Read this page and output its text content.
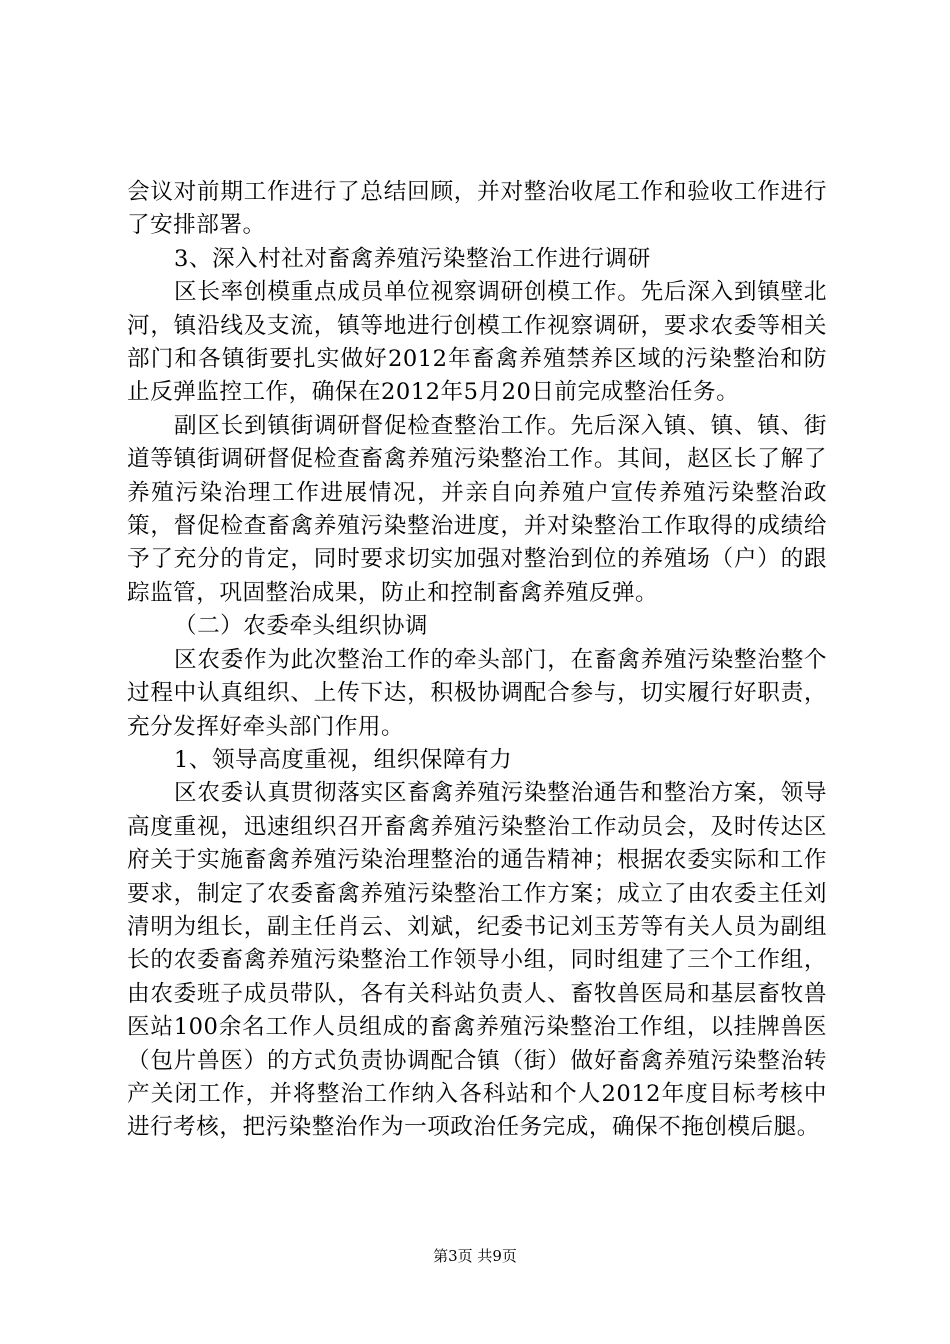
会议对前期工作进行了总结回顾，并对整治收尾工作和验收工作进行了安排部署。

3、深入村社对畜禽养殖污染整治工作进行调研

区长率创模重点成员单位视察调研创模工作。先后深入到镇壁北河，镇沿线及支流，镇等地进行创模工作视察调研，要求农委等相关部门和各镇街要扎实做好2012年畜禽养殖禁养区域的污染整治和防止反弹监控工作，确保在2012年5月20日前完成整治任务。

副区长到镇街调研督促检查整治工作。先后深入镇、镇、镇、街道等镇街调研督促检查畜禽养殖污染整治工作。其间，赵区长了解了养殖污染治理工作进展情况，并亲自向养殖户宣传养殖污染整治政策，督促检查畜禽养殖污染整治进度，并对染整治工作取得的成绩给予了充分的肯定，同时要求切实加强对整治到位的养殖场（户）的跟踪监管，巩固整治成果，防止和控制畜禽养殖反弹。

（二）农委牵头组织协调

区农委作为此次整治工作的牵头部门，在畜禽养殖污染整治整个过程中认真组织、上传下达，积极协调配合参与，切实履行好职责，充分发挥好牵头部门作用。

1、领导高度重视，组织保障有力

区农委认真贯彻落实区畜禽养殖污染整治通告和整治方案，领导高度重视，迅速组织召开畜禽养殖污染整治工作动员会，及时传达区府关于实施畜禽养殖污染治理整治的通告精神；根据农委实际和工作要求，制定了农委畜禽养殖污染整治工作方案；成立了由农委主任刘清明为组长，副主任肖云、刘斌，纪委书记刘玉芳等有关人员为副组长的农委畜禽养殖污染整治工作领导小组，同时组建了三个工作组，由农委班子成员带队，各有关科站负责人、畜牧兽医局和基层畜牧兽医站100余名工作人员组成的畜禽养殖污染整治工作组，以挂牌兽医（包片兽医）的方式负责协调配合镇（街）做好畜禽养殖污染整治转产关闭工作，并将整治工作纳入各科站和个人2012年度目标考核中进行考核，把污染整治作为一项政治任务完成，确保不拖创模后腿。

第3页 共9页
